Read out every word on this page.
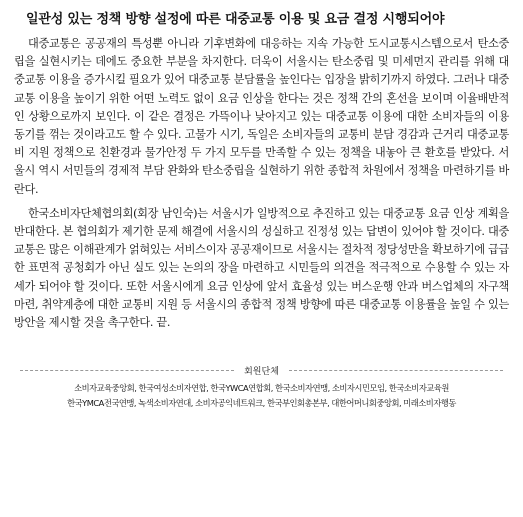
일관성 있는 정책 방향 설정에 따른 대중교통 이용 및 요금 결정 시행되어야

대중교통은 공공재의 특성뿐 아니라 기후변화에 대응하는 지속 가능한 도시교통시스템으로서 탄소중립을 실현시키는 데에도 중요한 부분을 차지한다. 더욱이 서울시는 탄소중립 및 미세먼지 관리를 위해 대중교통 이용을 증가시킬 필요가 있어 대중교통 분담률을 높인다는 입장을 밝히기까지 하였다. 그러나 대중교통 이용을 높이기 위한 어떤 노력도 없이 요금 인상을 한다는 것은 정책 간의 혼선을 보이며 이율배반적인 상황으로까지 보인다. 이 같은 결정은 가뜩이나 낮아지고 있는 대중교통 이용에 대한 소비자들의 이용 동기를 꺾는 것이라고도 할 수 있다. 고물가 시기, 독일은 소비자들의 교통비 분담 경감과 근거리 대중교통비 지원 정책으로 친환경과 물가안정 두 가지 모두를 만족할 수 있는 정책을 내놓아 큰 환호를 받았다. 서울시 역시 서민들의 경제적 부담 완화와 탄소중립을 실현하기 위한 종합적 차원에서 정책을 마련하기를 바란다.

한국소비자단체협의회(회장 남인숙)는 서울시가 일방적으로 추진하고 있는 대중교통 요금 인상 계획을 반대한다. 본 협의회가 제기한 문제 해결에 서울시의 성실하고 진정성 있는 답변이 있어야 할 것이다. 대중교통은 많은 이해관계가 얽혀있는 서비스이자 공공재이므로 서울시는 절차적 정당성만을 확보하기에 급급한 표면적 공청회가 아닌 실도 있는 논의의 장을 마련하고 시민들의 의견을 적극적으로 수용할 수 있는 자세가 되어야 할 것이다. 또한 서울시에게 요금 인상에 앞서 효율성 있는 버스운행 안과 버스업체의 자구책 마련, 취약계층에 대한 교통비 지원 등 서울시의 종합적 정책 방향에 따른 대중교통 이용률을 높일 수 있는 방안을 제시할 것을 촉구한다. 끝.

회원단체
소비자교육중앙회, 한국여성소비자연합, 한국YWCA연합회, 한국소비자연맹, 소비자시민모임, 한국소비자교육원
한국YMCA전국연맹, 녹색소비자연대, 소비자공익네트워크, 한국부인회총본부, 대한어머니회중앙회, 미래소비자행동
